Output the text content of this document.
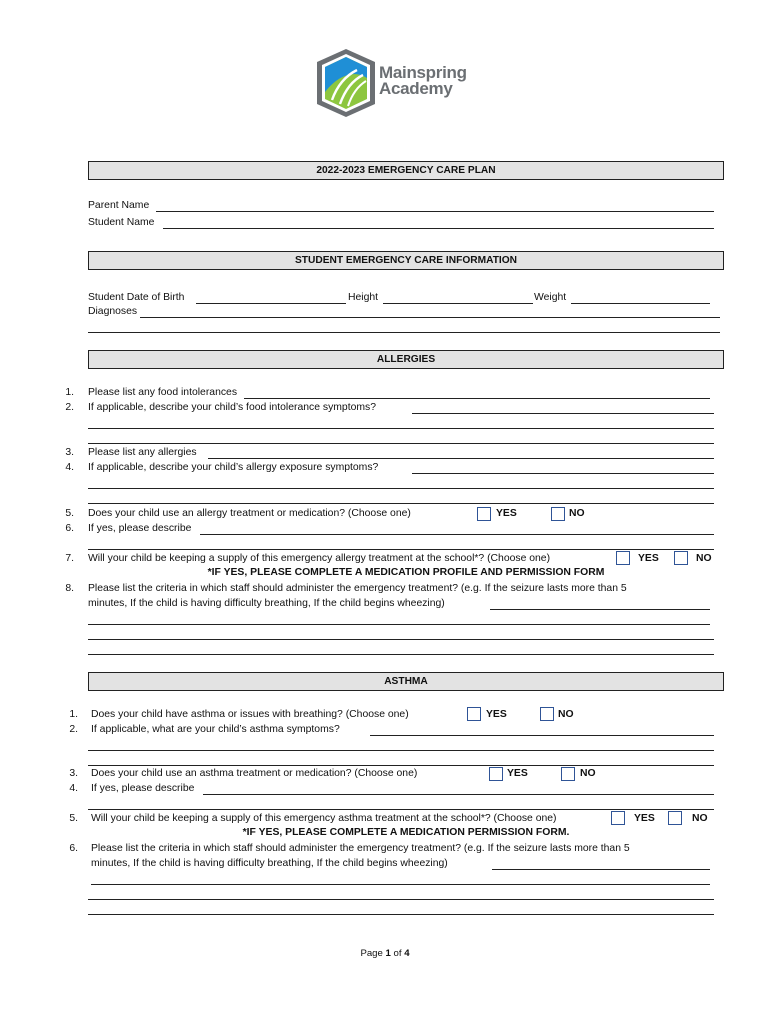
Mainspring
Academy
2022-2023 EMERGENCY CARE PLAN
Parent Name
Student Name
STUDENT EMERGENCY CARE INFORMATION
Student Date of Birth	Height	Weight
Diagnoses
ALLERGIES
1. Please list any food intolerances
2. If applicable, describe your child’s food intolerance symptoms?
3. Please list any allergies
4. If applicable, describe your child’s allergy exposure symptoms?
5. Does your child use an allergy treatment or medication? (Choose one)	YES	NO
6. If yes, please describe
7. Will your child be keeping a supply of this emergency allergy treatment at the school*? (Choose one)	YES	NO
*IF YES, PLEASE COMPLETE A MEDICATION PROFILE AND PERMISSION FORM
8. Please list the criteria in which staff should administer the emergency treatment? (e.g. If the seizure lasts more than 5
minutes, If the child is having difficulty breathing, If the child begins wheezing)
ASTHMA
1. Does your child have asthma or issues with breathing? (Choose one)	YES	NO
2. If applicable, what are your child’s asthma symptoms?
3. Does your child use an asthma treatment or medication? (Choose one)	YES	NO
4. If yes, please describe
5. Will your child be keeping a supply of this emergency asthma treatment at the school*? (Choose one)	YES	NO
*IF YES, PLEASE COMPLETE A MEDICATION PERMISSION FORM.
6. Please list the criteria in which staff should administer the emergency treatment? (e.g. If the seizure lasts more than 5
minutes, If the child is having difficulty breathing, If the child begins wheezing)
Page 1 of 4
